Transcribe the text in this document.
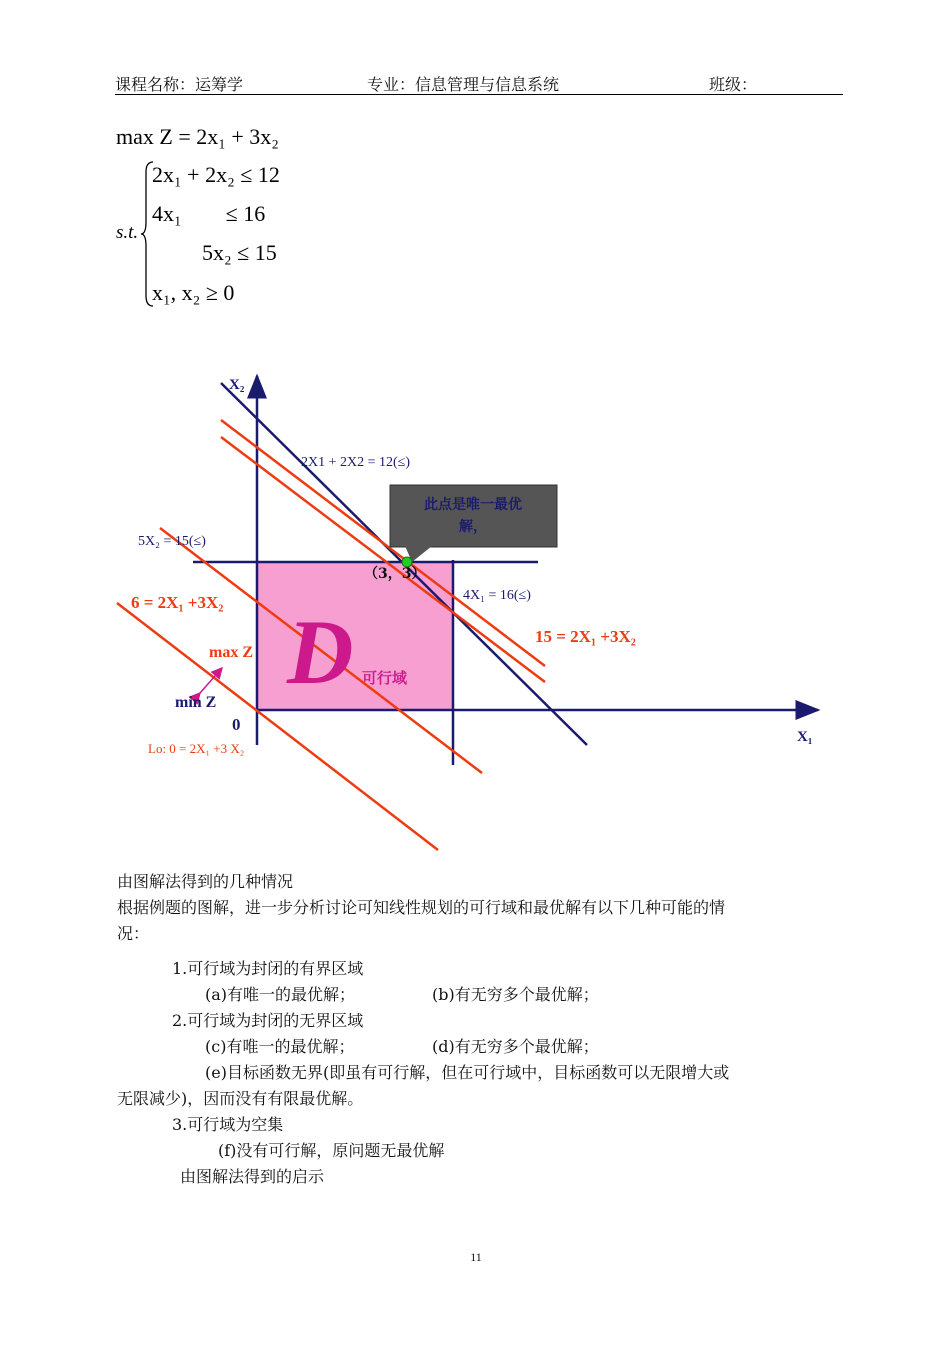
课程名称：运筹学	专业：信息管理与信息系统	班级：
max Z = 2x₁ + 3x₂
s.t.
2x₁ + 2x₂ ≤ 12
4x₁        ≤ 16
5x₂ ≤ 15
x₁, x₂ ≥ 0
X₂
X₁
0
2X1 + 2X2 = 12(≤)
5X₂ = 15(≤)
4X₁ = 16(≤)
6 = 2X₁ +3X₂
15 = 2X₁ +3X₂
Lo: 0 = 2X₁ +3 X₂
max Z
min Z D 可行域
（3，3）
此点是唯一最优
解，
由图解法得到的几种情况
根据例题的图解，进一步分析讨论可知线性规划的可行域和最优解有以下几种可能的情
况：
1.可行域为封闭的有界区域
(a)有唯一的最优解；	(b)有无穷多个最优解；
2.可行域为封闭的无界区域
(c)有唯一的最优解；	(d)有无穷多个最优解；
(e)目标函数无界(即虽有可行解，但在可行域中，目标函数可以无限增大或
无限减少)，因而没有有限最优解。
3.可行域为空集
(f)没有可行解，原问题无最优解
由图解法得到的启示
11
